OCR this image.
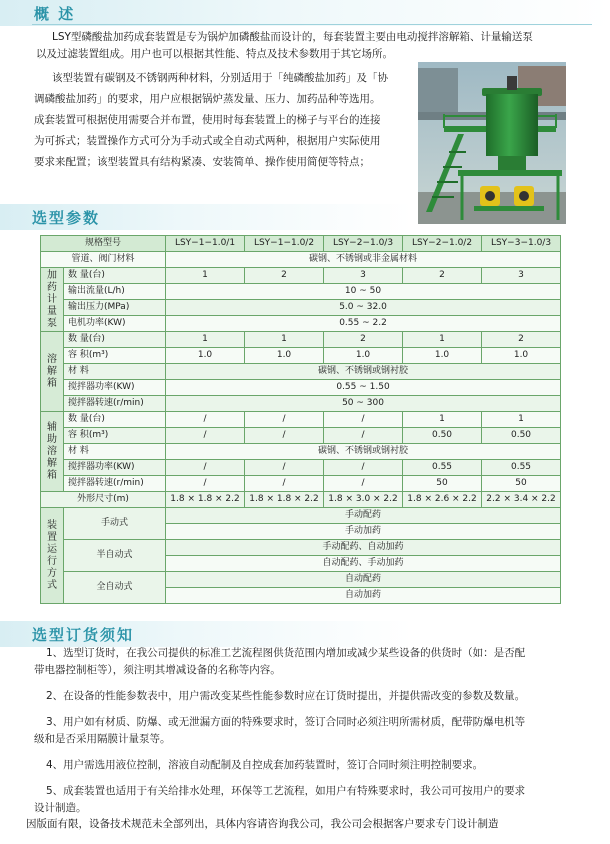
概 述
LSY型磷酸盐加药成套装置是专为锅炉加磷酸盐而设计的，每套装置主要由电动搅拌溶解箱、计量输送泵
以及过滤装置组成。用户也可以根据其性能、特点及技术参数用于其它场所。
该型装置有碳钢及不锈钢两种材料，分别适用于「纯磷酸盐加药」及「协
调磷酸盐加药」的要求，用户应根据锅炉蒸发量、压力、加药品种等选用。
成套装置可根据使用需要合并布置，使用时每套装置上的梯子与平台的连接
为可拆式；装置操作方式可分为手动式或全自动式两种，根据用户实际使用
要求来配置；该型装置具有结构紧凑、安装简单、操作使用简便等特点；
选型参数
规格型号		LSY−1−1.0/1	LSY−1−1.0/2	LSY−2−1.0/3	LSY−2−1.0/2	LSY−3−1.0/3
管道、阀门材料		碳钢、不锈钢或非金属材料				
加药计量泵	数 量(台)	1	2	3	2	3
	输出流量(L/h)	10 ~ 50				
	输出压力(MPa)	5.0 ~ 32.0				
	电机功率(KW)	0.55 ~ 2.2				
溶解箱	数 量(台)	1	1	2	1	2
	容 积(m³)	1.0	1.0	1.0	1.0	1.0
	材 料	碳钢、不锈钢或钢衬胶				
	搅拌器功率(KW)	0.55 ~ 1.50				
	搅拌器转速(r/min)	50 ~ 300				
辅助溶解箱	数 量(台)	/	/	/	1	1
	容 积(m³)	/	/	/	0.50	0.50
	材 料	碳钢、不锈钢或钢衬胶				
	搅拌器功率(KW)	/	/	/	0.55	0.55
	搅拌器转速(r/min)	/	/	/	50	50
外形尺寸(m)		1.8 × 1.8 × 2.2	1.8 × 1.8 × 2.2	1.8 × 3.0 × 2.2	1.8 × 2.6 × 2.2	2.2 × 3.4 × 2.2
装置运行方式	手动式	手动配药				
		手动加药				
	半自动式	手动配药、自动加药				
		自动配药、手动加药				
	全自动式	自动配药				
		自动加药				
选型订货须知

1、选型订货时，在我公司提供的标准工艺流程图供货范围内增加或减少某些设备的供货时（如：是否配
带电器控制柜等），须注明其增减设备的名称等内容。

2、在设备的性能参数表中，用户需改变某些性能参数时应在订货时提出，并提供需改变的参数及数量。

3、用户如有材质、防爆、或无泄漏方面的特殊要求时，签订合同时必须注明所需材质，配带防爆电机等
级和是否采用隔膜计量泵等。

4、用户需选用液位控制，溶液自动配制及自控成套加药装置时，签订合同时须注明控制要求。

5、成套装置也适用于有关给排水处理，环保等工艺流程，如用户有特殊要求时，我公司可按用户的要求
设计制造。

因版面有限，设备技术规范未全部列出，具体内容请咨询我公司，我公司会根据客户要求专门设计制造
